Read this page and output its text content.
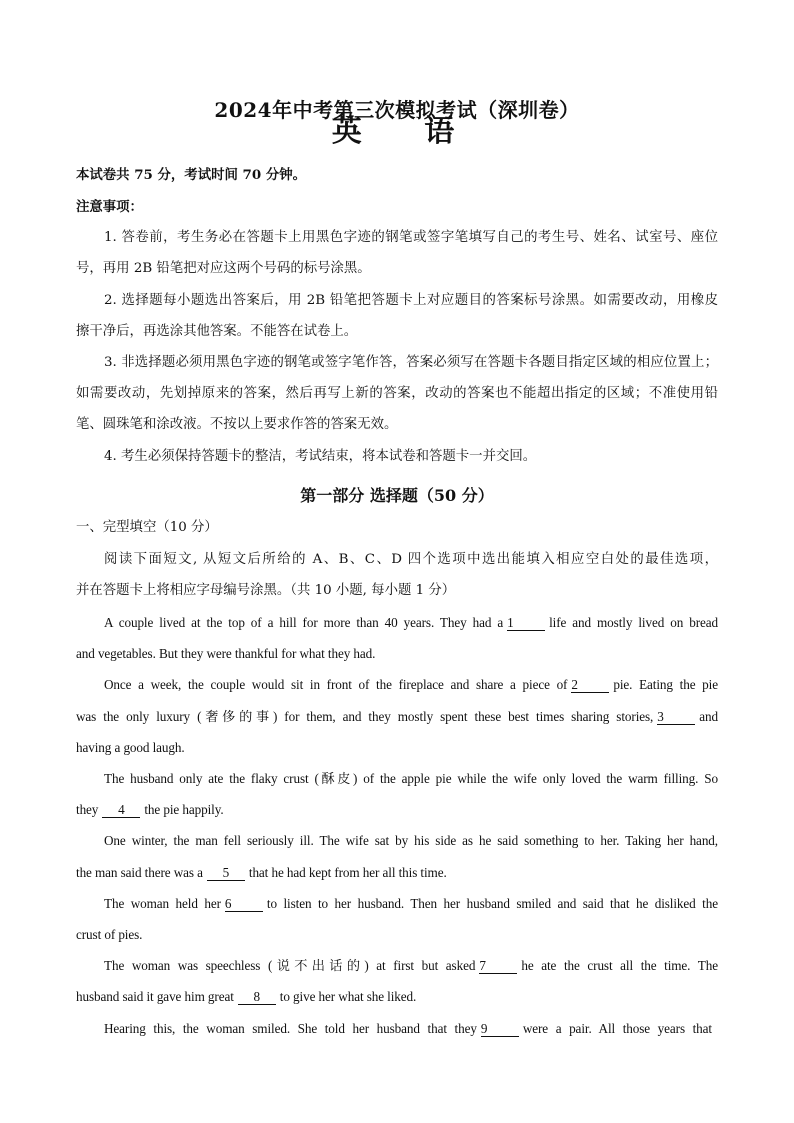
2024年中考第三次模拟考试（深圳卷）
英 语
本试卷共 75 分，考试时间 70 分钟。
注意事项：
1. 答卷前，考生务必在答题卡上用黑色字迹的钢笔或签字笔填写自己的考生号、姓名、试室号、座位
号，再用 2B 铅笔把对应这两个号码的标号涂黑。
2. 选择题每小题选出答案后，用 2B 铅笔把答题卡上对应题目的答案标号涂黑。如需要改动，用橡皮
擦干净后，再选涂其他答案。不能答在试卷上。
3. 非选择题必须用黑色字迹的钢笔或签字笔作答，答案必须写在答题卡各题目指定区域的相应位置上；
如需要改动，先划掉原来的答案，然后再写上新的答案，改动的答案也不能超出指定的区域；不准使用铅
笔、圆珠笔和涂改液。不按以上要求作答的答案无效。
4. 考生必须保持答题卡的整洁，考试结束，将本试卷和答题卡一并交回。
第一部分 选择题（50 分）
一、完型填空（10 分）
阅读下面短文, 从短文后所给的 A、B、C、D 四个选项中选出能填入相应空白处的最佳选项，
并在答题卡上将相应字母编号涂黑。（共 10 小题, 每小题 1 分）
A couple lived at the top of a hill for more than 40 years. They had a 1	life and mostly lived on bread
and vegetables. But they were thankful for what they had.
Once a week, the couple would sit in front of the fireplace and share a piece of 2	pie. Eating the pie
was the only luxury (奢侈的事) for them, and they mostly spent these best times sharing stories, 3	and
having a good laugh.
The husband only ate the flaky crust (酥皮) of the apple pie while the wife only loved the warm filling. So
they 4 the pie happily.
One winter, the man fell seriously ill. The wife sat by his side as he said something to her. Taking her hand,
the man said there was a 5 that he had kept from her all this time.
The woman held her 6	to listen to her husband. Then her husband smiled and said that he disliked the
crust of pies.
The woman was speechless (说不出话的) at first but asked 7	he ate the crust all the time. The
husband said it gave him great 8 to give her what she liked.
Hearing this, the woman smiled. She told her husband that they 9	were a pair. All those years that
